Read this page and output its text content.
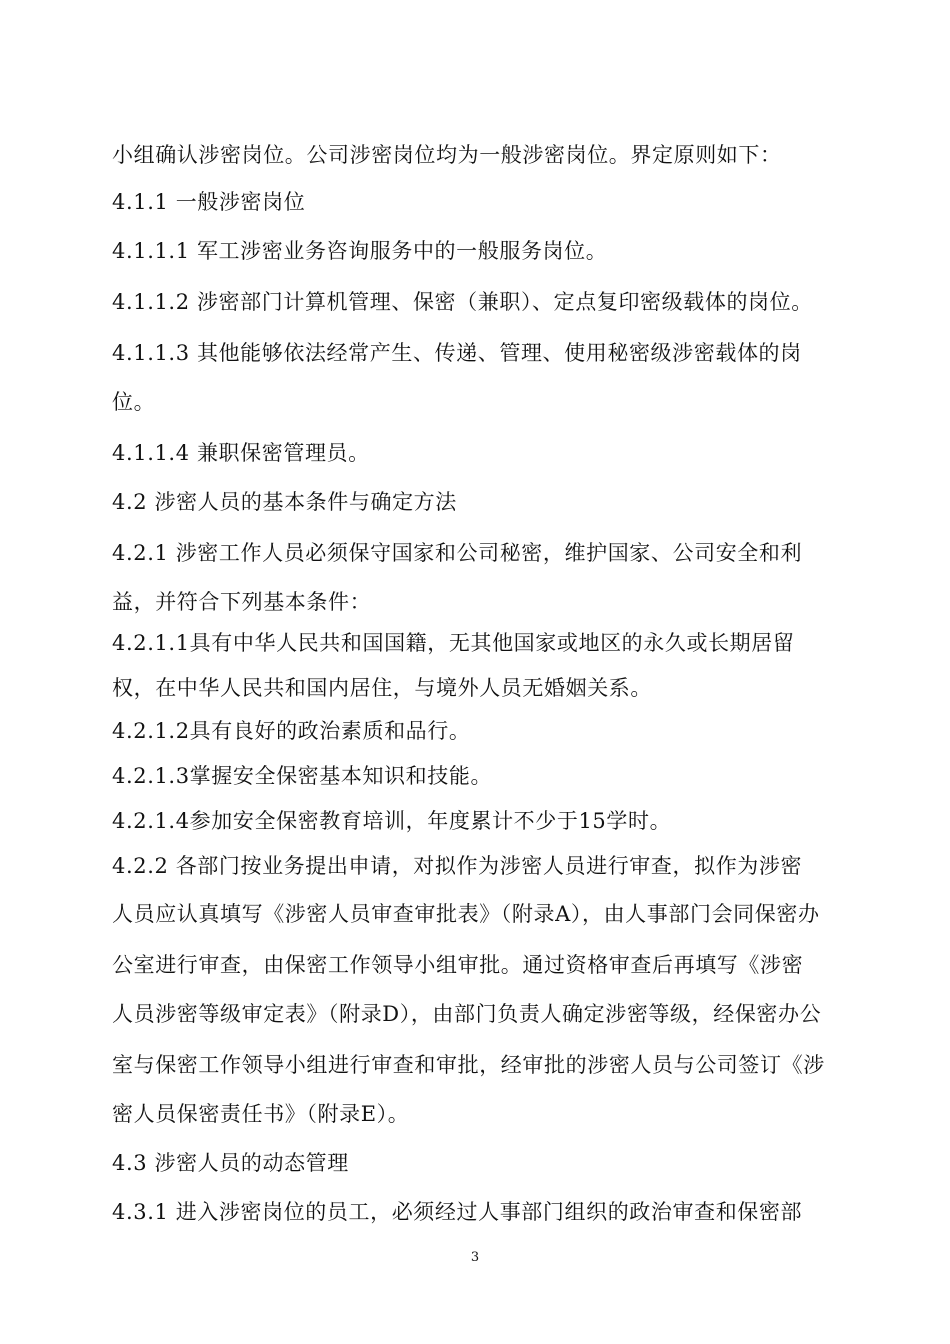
小组确认涉密岗位。公司涉密岗位均为一般涉密岗位。界定原则如下：
4.1.1 一般涉密岗位
4.1.1.1 军工涉密业务咨询服务中的一般服务岗位。
4.1.1.2 涉密部门计算机管理、保密（兼职）、定点复印密级载体的岗位。
4.1.1.3 其他能够依法经常产生、传递、管理、使用秘密级涉密载体的岗
位。
4.1.1.4 兼职保密管理员。
4.2 涉密人员的基本条件与确定方法
4.2.1 涉密工作人员必须保守国家和公司秘密，维护国家、公司安全和利
益，并符合下列基本条件：
4.2.1.1具有中华人民共和国国籍，无其他国家或地区的永久或长期居留
权，在中华人民共和国内居住，与境外人员无婚姻关系。
4.2.1.2具有良好的政治素质和品行。
4.2.1.3掌握安全保密基本知识和技能。
4.2.1.4参加安全保密教育培训，年度累计不少于15学时。
4.2.2 各部门按业务提出申请，对拟作为涉密人员进行审查，拟作为涉密
人员应认真填写《涉密人员审查审批表》（附录A），由人事部门会同保密办
公室进行审查，由保密工作领导小组审批。通过资格审查后再填写《涉密
人员涉密等级审定表》（附录D），由部门负责人确定涉密等级，经保密办公
室与保密工作领导小组进行审查和审批，经审批的涉密人员与公司签订《涉
密人员保密责任书》（附录E）。
4.3 涉密人员的动态管理
4.3.1 进入涉密岗位的员工，必须经过人事部门组织的政治审查和保密部
3
